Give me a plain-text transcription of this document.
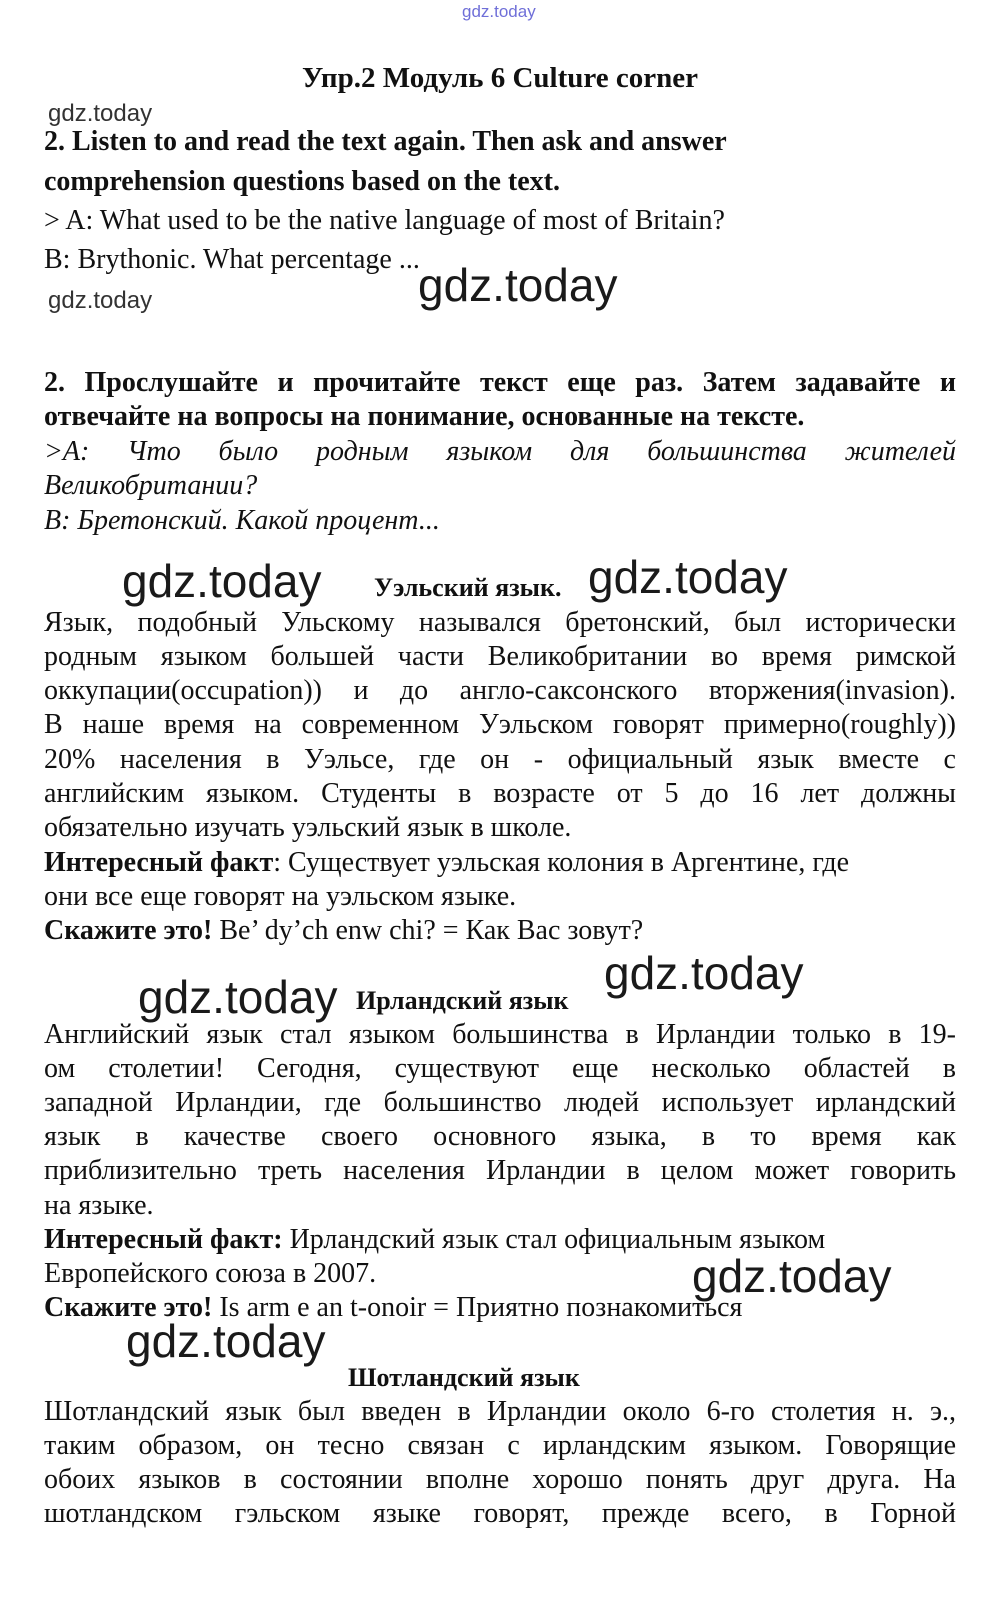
gdz.today
gdz.today
gdz.today	gdz.today
gdz.today	gdz.today
gdz.today
gdz.today
gdz.today
gdz.today
Упр.2 Модуль 6 Culture corner
2. Listen to and read the text again. Then ask and answer
comprehension questions based on the text.
> A: What used to be the native language of most of Britain?
B: Brythonic. What percentage ...
2. Прослушайте и прочитайте текст еще раз. Затем задавайте и
отвечайте на вопросы на понимание, основанные на тексте.
>A: Что было родным языком для большинства жителей
Великобритании?
B: Бретонский. Какой процент...
Уэльский язык.
Язык, подобный Ульскому назывался бретонский, был исторически
родным языком большей части Великобритании во время римской
оккупации(occupation)) и до англо-саксонского вторжения(invasion).
В наше время на современном Уэльском говорят примерно(roughly))
20% населения в Уэльсе, где он - официальный язык вместе с
английским языком. Студенты в возрасте от 5 до 16 лет должны
обязательно изучать уэльский язык в школе.
Интересный факт: Существует уэльская колония в Аргентине, где
они все еще говорят на уэльском языке.
Скажите это! Be’ dy’ch enw chi? = Как Вас зовут?
Ирландский язык
Английский язык стал языком большинства в Ирландии только в 19-
ом столетии! Сегодня, существуют еще несколько областей в
западной Ирландии, где большинство людей использует ирландский
язык в качестве своего основного языка, в то время как
приблизительно треть населения Ирландии в целом может говорить
на языке.
Интересный факт: Ирландский язык стал официальным языком
Европейского союза в 2007.
Скажите это! Is arm e an t-onoir = Приятно познакомиться
Шотландский язык
Шотландский язык был введен в Ирландии около 6-го столетия н. э.,
таким образом, он тесно связан с ирландским языком. Говорящие
обоих языков в состоянии вполне хорошо понять друг друга. На
шотландском гэльском языке говорят, прежде всего, в Горной
